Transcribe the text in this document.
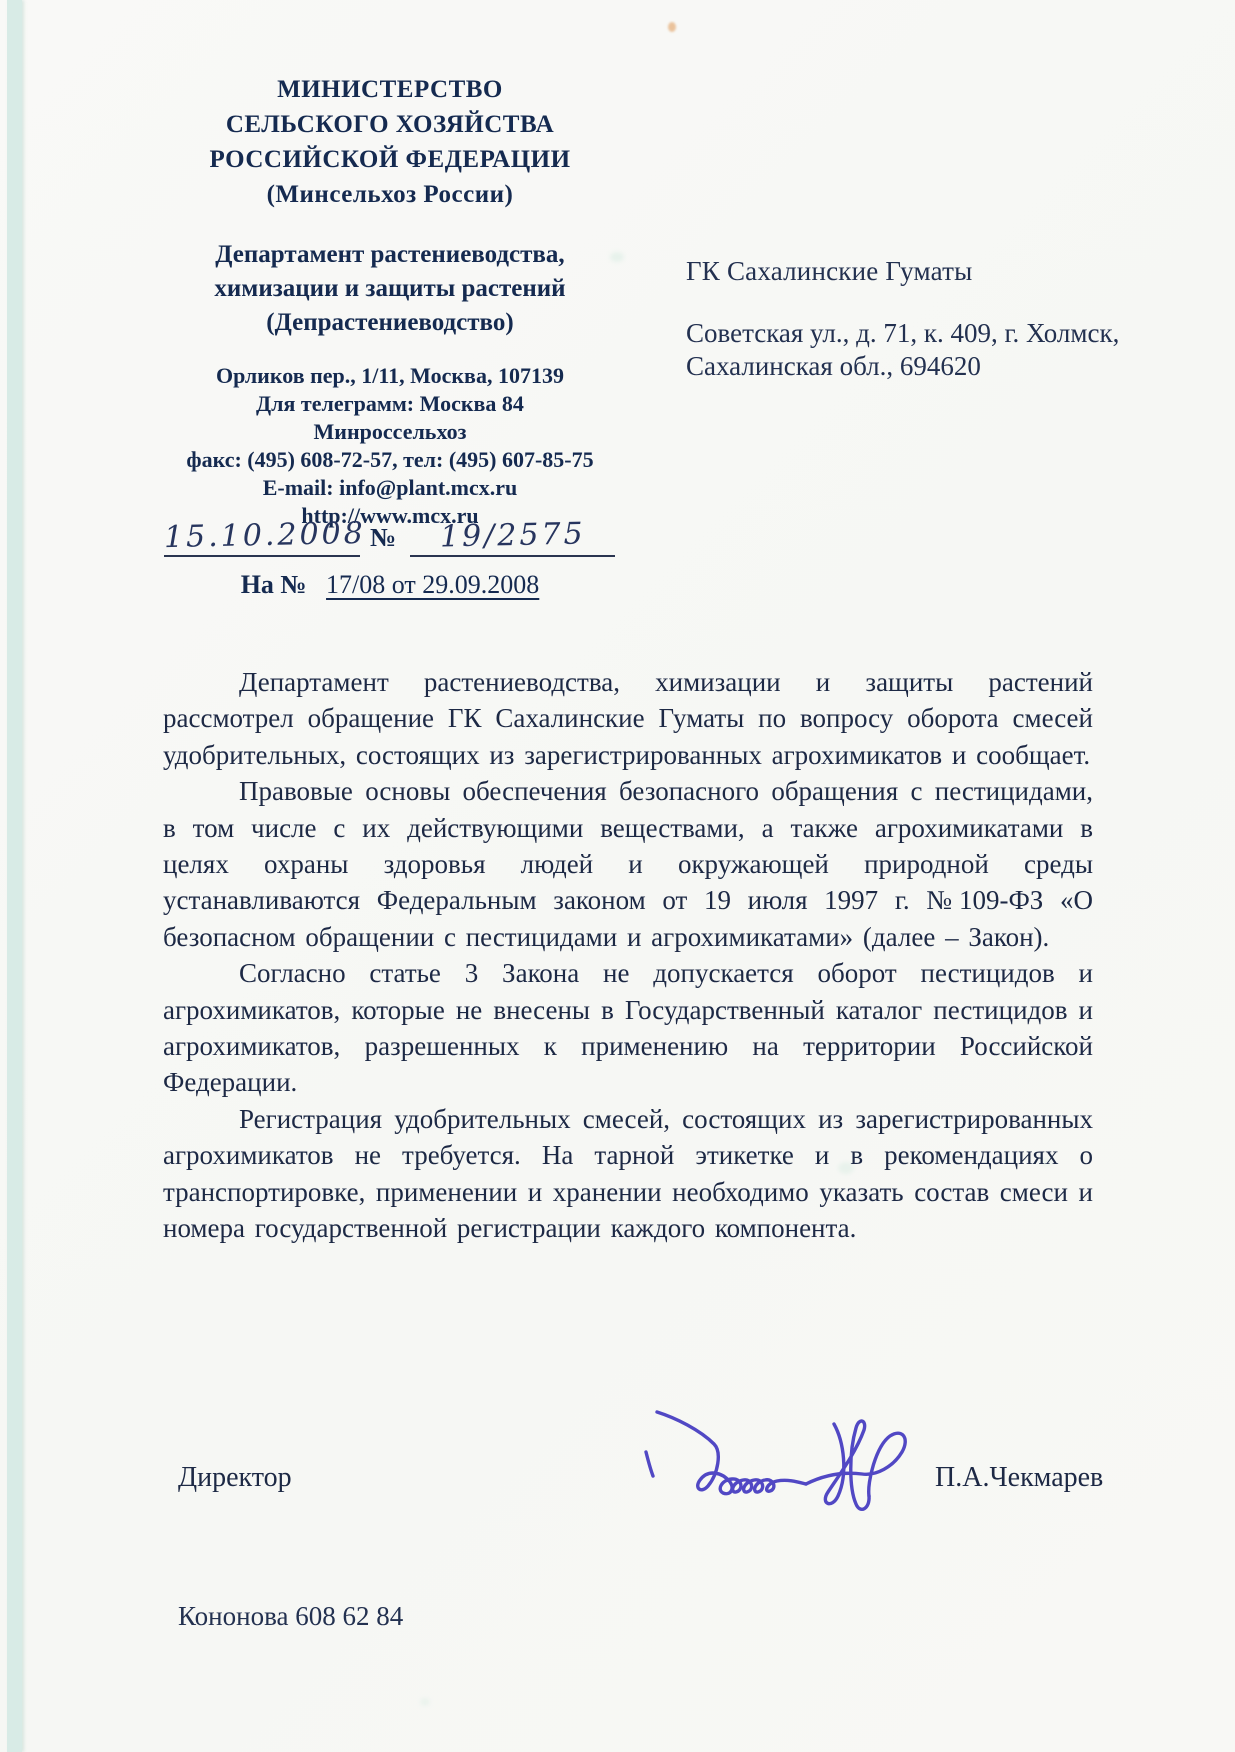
МИНИСТЕРСТВО
СЕЛЬСКОГО ХОЗЯЙСТВА
РОССИЙСКОЙ ФЕДЕРАЦИИ
(Минсельхоз России)
Департамент растениеводства,
химизации и защиты растений
(Депрастениеводство)
Орликов пер., 1/11, Москва, 107139
Для телеграмм: Москва 84
Минроссельхоз
факс: (495) 608-72-57, тел: (495) 607-85-75
E-mail: info@plant.mcx.ru
http://www.mcx.ru
15.10.2008 №	19/2575
На № 17/08 от 29.09.2008
ГК Сахалинские Гуматы
Советская ул., д. 71, к. 409, г. Холмск,
Сахалинская обл., 694620

Департамент растениеводства, химизации и защиты растений рассмотрел обращение ГК Сахалинские Гуматы по вопросу оборота смесей удобрительных, состоящих из зарегистрированных агрохимикатов и сообщает.

Правовые основы обеспечения безопасного обращения с пестицидами, в том числе с их действующими веществами, а также агрохимикатами в целях охраны здоровья людей и окружающей природной среды устанавливаются Федеральным законом от 19 июля 1997 г. №109-ФЗ «О безопасном обращении с пестицидами и агрохимикатами» (далее – Закон).

Согласно статье 3 Закона не допускается оборот пестицидов и агрохимикатов, которые не внесены в Государственный каталог пестицидов и агрохимикатов, разрешенных к применению на территории Российской Федерации.

Регистрация удобрительных смесей, состоящих из зарегистрированных агрохимикатов не требуется. На тарной этикетке и в рекомендациях о транспортировке, применении и хранении необходимо указать состав смеси и номера государственной регистрации каждого компонента.

Директор	П.А.Чекмарев
Кононова 608 62 84
